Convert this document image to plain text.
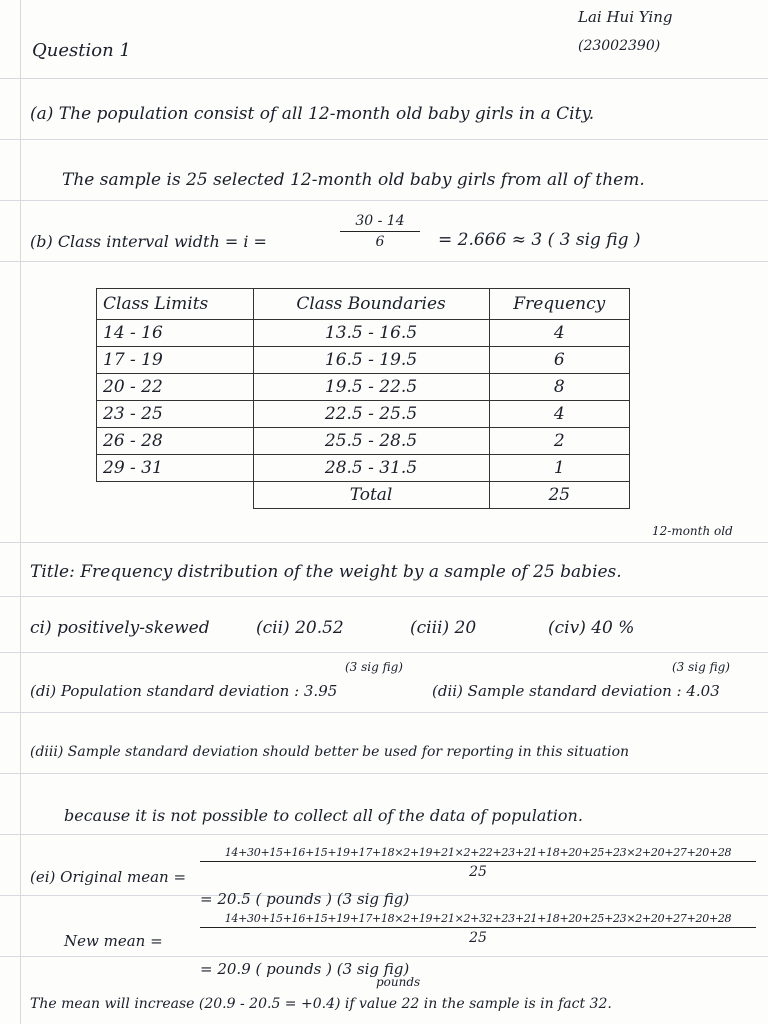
Lai Hui Ying
(23002390)
Question 1
(a) The population consist of all 12-month old baby girls in a City.
The sample is 25 selected 12-month old baby girls from all of them.
(b) Class interval width = i =
30 - 14
6	= 2.666 ≈ 3 ( 3 sig fig )
Class Limits	Class Boundaries	Frequency
14 - 16	13.5 - 16.5	4
17 - 19	16.5 - 19.5	6
20 - 22	19.5 - 22.5	8
23 - 25	22.5 - 25.5	4
26 - 28	25.5 - 28.5	2
29 - 31	28.5 - 31.5	1
	Total	25
12-month old
Title: Frequency distribution of the weight by a sample of 25 babies.
ci) positively-skewed	(cii) 20.52	(ciii) 20	(civ) 40 %
(3 sig fig)	(3 sig fig)
(di) Population standard deviation : 3.95	(dii) Sample standard deviation : 4.03
(diii) Sample standard deviation should better be used for reporting in this situation
because it is not possible to collect all of the data of population.
(ei) Original mean =
14+30+15+16+15+19+17+18×2+19+21×2+22+23+21+18+20+25+23×2+20+27+20+28
25
= 20.5 ( pounds ) (3 sig fig)
14+30+15+16+15+19+17+18×2+19+21×2+32+23+21+18+20+25+23×2+20+27+20+28
25
New mean =
= 20.9 ( pounds ) (3 sig fig)
pounds
The mean will increase (20.9 - 20.5 = +0.4) if value 22 in the sample is in fact 32.
